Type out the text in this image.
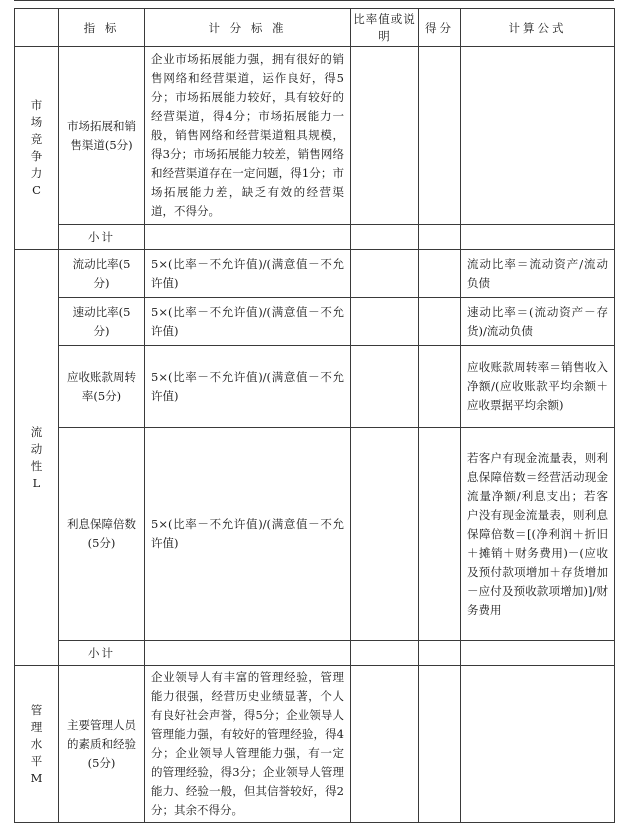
	指 标	计 分 标 准	比率值或说明	得分	计算公式

市场竞争力C	市场拓展和销售渠道(5分)	企业市场拓展能力强，拥有很好的销售网络和经营渠道，运作良好，得5分；市场拓展能力较好，具有较好的经营渠道，得4分；市场拓展能力一般，销售网络和经营渠道粗具规模，得3分；市场拓展能力较差，销售网络和经营渠道存在一定问题，得1分；市场拓展能力差，缺乏有效的经营渠道，不得分。			
	小计				

流动性L	流动比率(5分)	5×(比率－不允许值)/(满意值－不允许值)			流动比率＝流动资产/流动负债
	速动比率(5分)	5×(比率－不允许值)/(满意值－不允许值)			速动比率＝(流动资产－存货)/流动负债
	应收账款周转率(5分)	5×(比率－不允许值)/(满意值－不允许值)			应收账款周转率＝销售收入净额/(应收账款平均余额＋应收票据平均余额)
	利息保障倍数(5分)	5×(比率－不允许值)/(满意值－不允许值)			若客户有现金流量表，则利息保障倍数＝经营活动现金流量净额/利息支出；若客户没有现金流量表，则利息保障倍数＝[(净利润＋折旧＋摊销＋财务费用)－(应收及预付款项增加＋存货增加－应付及预收款项增加)]/财务费用
	小计				

管理水平M	主要管理人员的素质和经验(5分)	企业领导人有丰富的管理经验，管理能力很强，经营历史业绩显著，个人有良好社会声誉，得5分；企业领导人管理能力强，有较好的管理经验，得4分；企业领导人管理能力强，有一定的管理经验，得3分；企业领导人管理能力、经验一般，但其信誉较好，得2分；其余不得分。			
